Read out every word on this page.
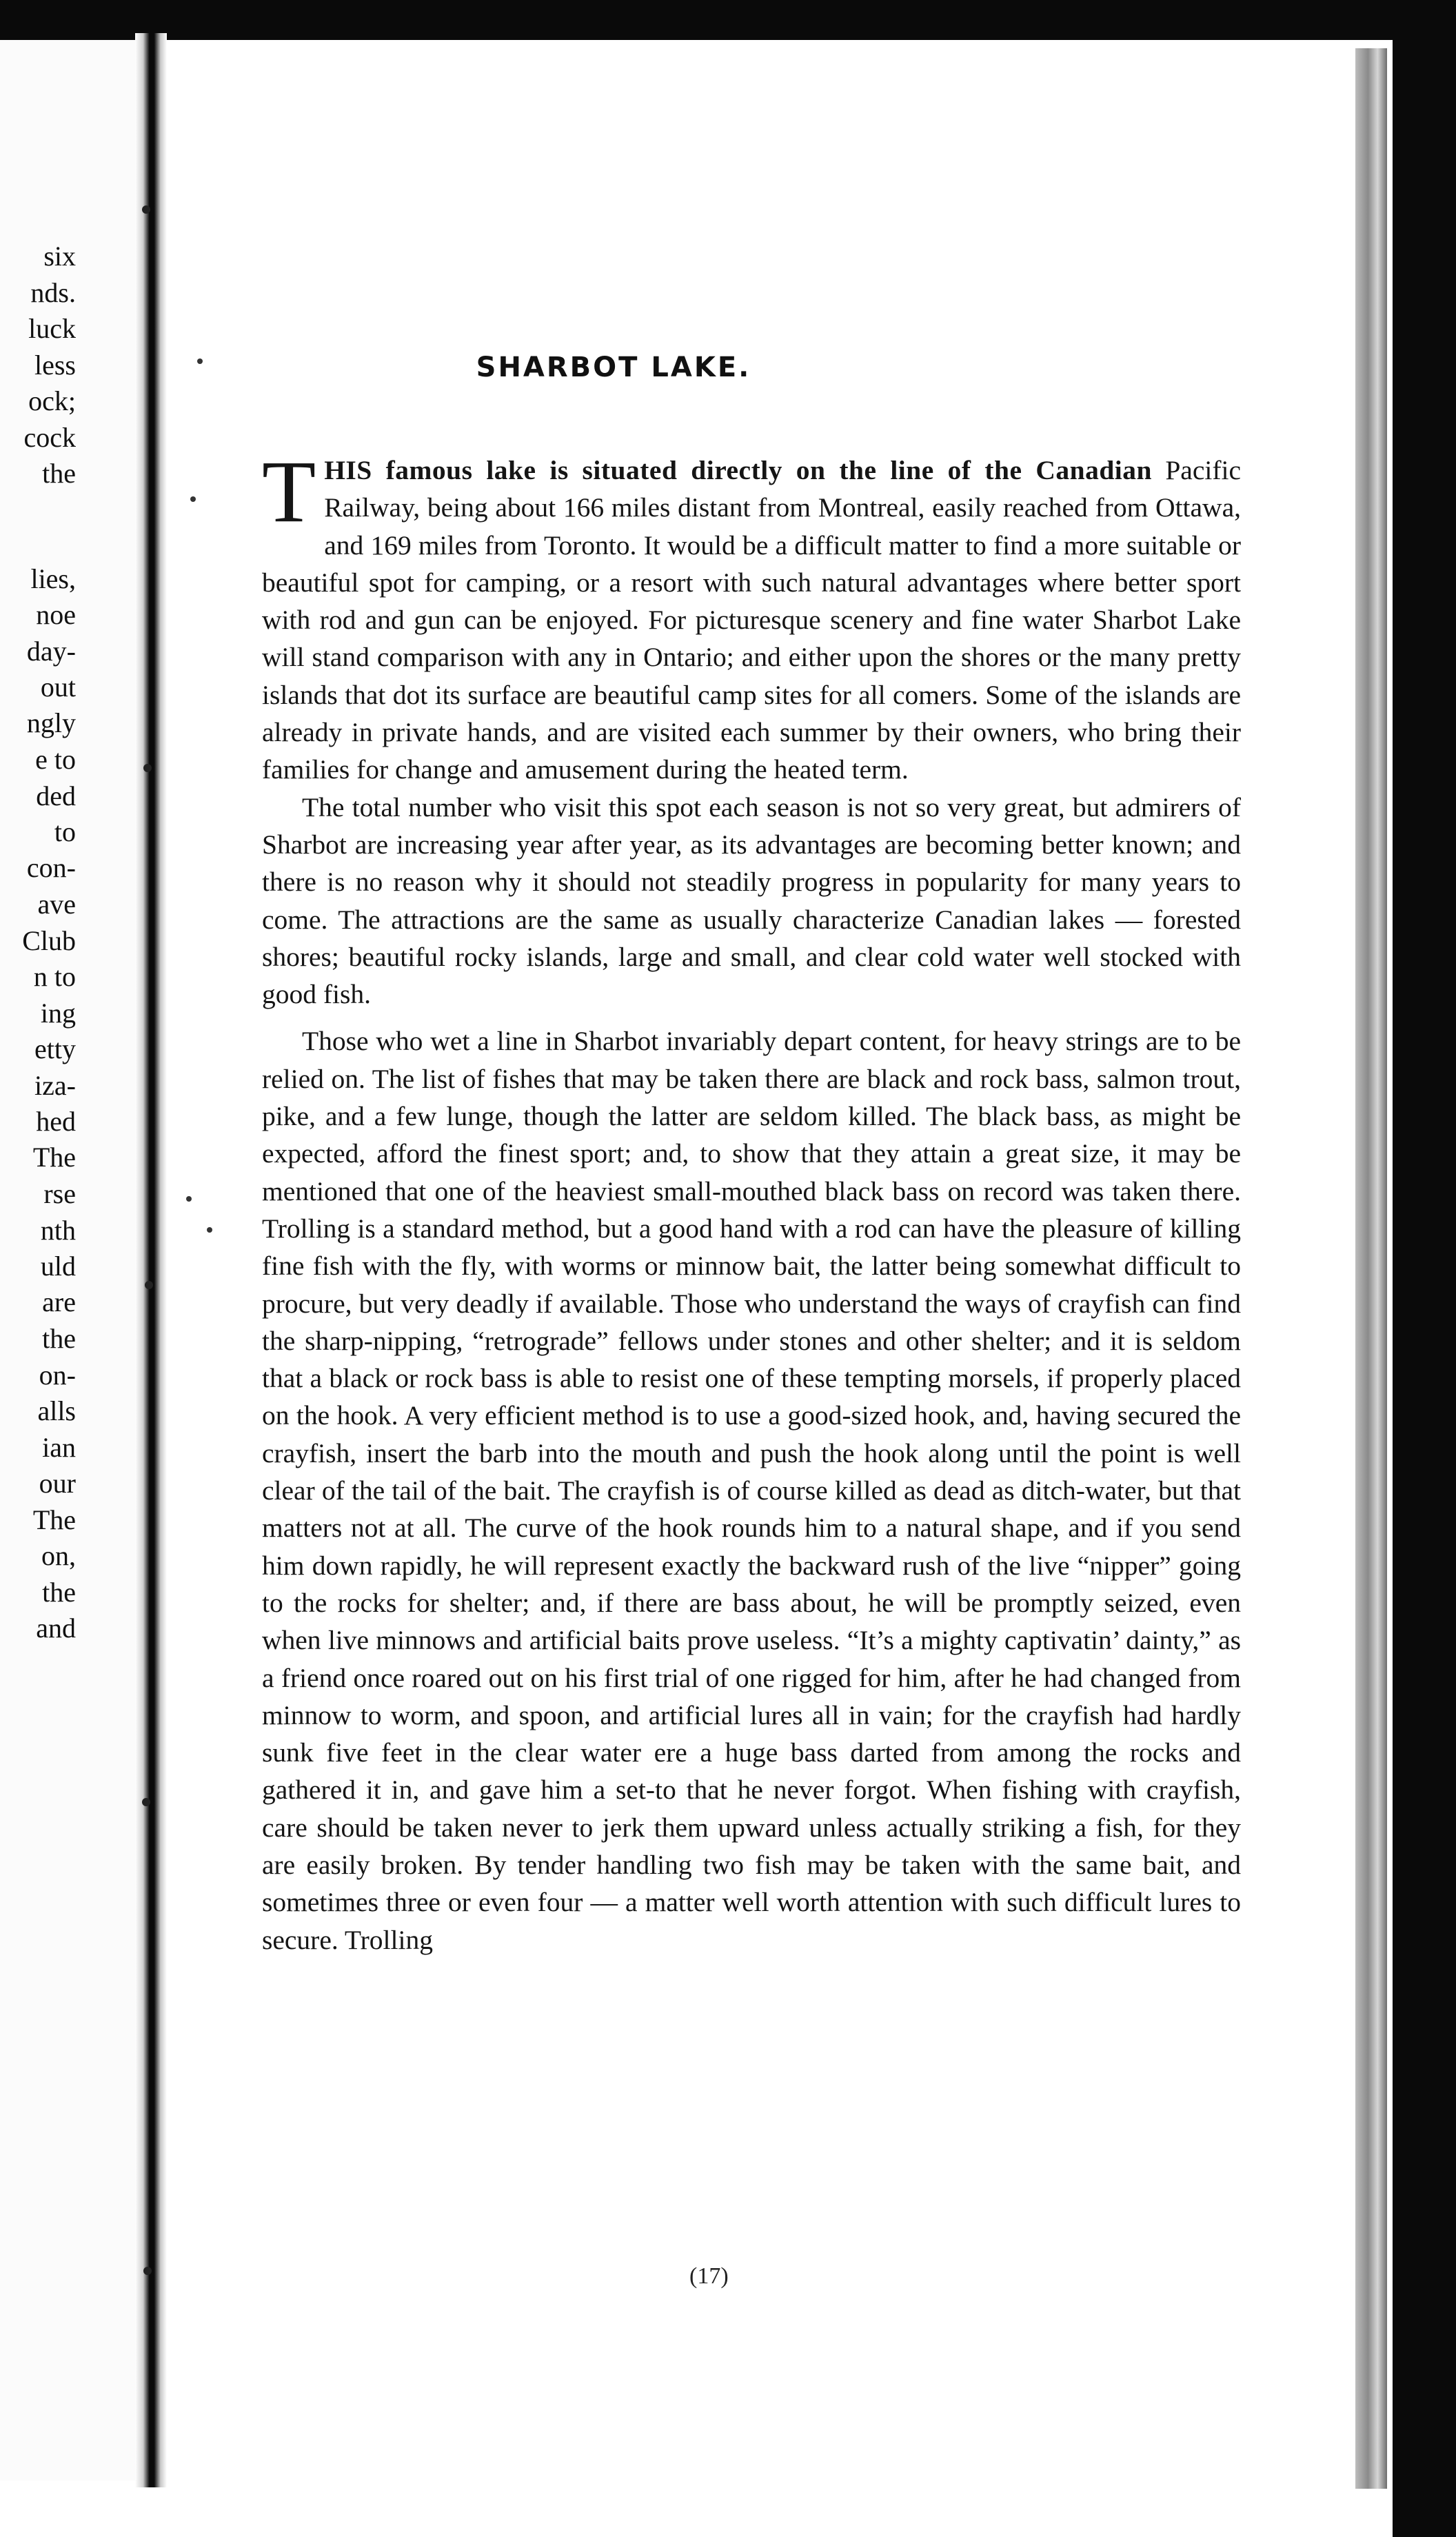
six
nds.
luck
less
ock;
cock
the
lies,
noe
day-
out
ngly
e to
ded
to
con-
ave
Club
n to
ing
etty
iza-
hed
The
rse
nth
uld
are
the
on-
alls
ian
our
The
on,
the
and
SHARBOT LAKE.

THIS famous lake is situated directly on the line of the Canadian Pacific Railway, being about 166 miles distant from Montreal, easily reached from Ottawa, and 169 miles from Toronto. It would be a difficult matter to find a more suitable or beautiful spot for camping, or a resort with such natural advantages where better sport with rod and gun can be enjoyed. For picturesque scenery and fine water Sharbot Lake will stand comparison with any in Ontario; and either upon the shores or the many pretty islands that dot its surface are beautiful camp sites for all comers. Some of the islands are already in private hands, and are visited each summer by their owners, who bring their families for change and amusement during the heated term.

The total number who visit this spot each season is not so very great, but admirers of Sharbot are increasing year after year, as its advantages are becoming better known; and there is no reason why it should not steadily progress in popularity for many years to come. The attractions are the same as usually characterize Canadian lakes — forested shores; beautiful rocky islands, large and small, and clear cold water well stocked with good fish.

Those who wet a line in Sharbot invariably depart content, for heavy strings are to be relied on. The list of fishes that may be taken there are black and rock bass, salmon trout, pike, and a few lunge, though the latter are seldom killed. The black bass, as might be expected, afford the finest sport; and, to show that they attain a great size, it may be mentioned that one of the heaviest small-mouthed black bass on record was taken there. Trolling is a standard method, but a good hand with a rod can have the pleasure of killing fine fish with the fly, with worms or minnow bait, the latter being somewhat difficult to procure, but very deadly if available. Those who understand the ways of crayfish can find the sharp-nipping, “retrograde” fellows under stones and other shelter; and it is seldom that a black or rock bass is able to resist one of these tempting morsels, if properly placed on the hook. A very efficient method is to use a good-sized hook, and, having secured the crayfish, insert the barb into the mouth and push the hook along until the point is well clear of the tail of the bait. The crayfish is of course killed as dead as ditch-water, but that matters not at all. The curve of the hook rounds him to a natural shape, and if you send him down rapidly, he will represent exactly the backward rush of the live “nipper” going to the rocks for shelter; and, if there are bass about, he will be promptly seized, even when live minnows and artificial baits prove useless. “It’s a mighty captivatin’ dainty,” as a friend once roared out on his first trial of one rigged for him, after he had changed from minnow to worm, and spoon, and artificial lures all in vain; for the crayfish had hardly sunk five feet in the clear water ere a huge bass darted from among the rocks and gathered it in, and gave him a set-to that he never forgot. When fishing with crayfish, care should be taken never to jerk them upward unless actually striking a fish, for they are easily broken. By tender handling two fish may be taken with the same bait, and sometimes three or even four — a matter well worth attention with such difficult lures to secure. Trolling

(17)
